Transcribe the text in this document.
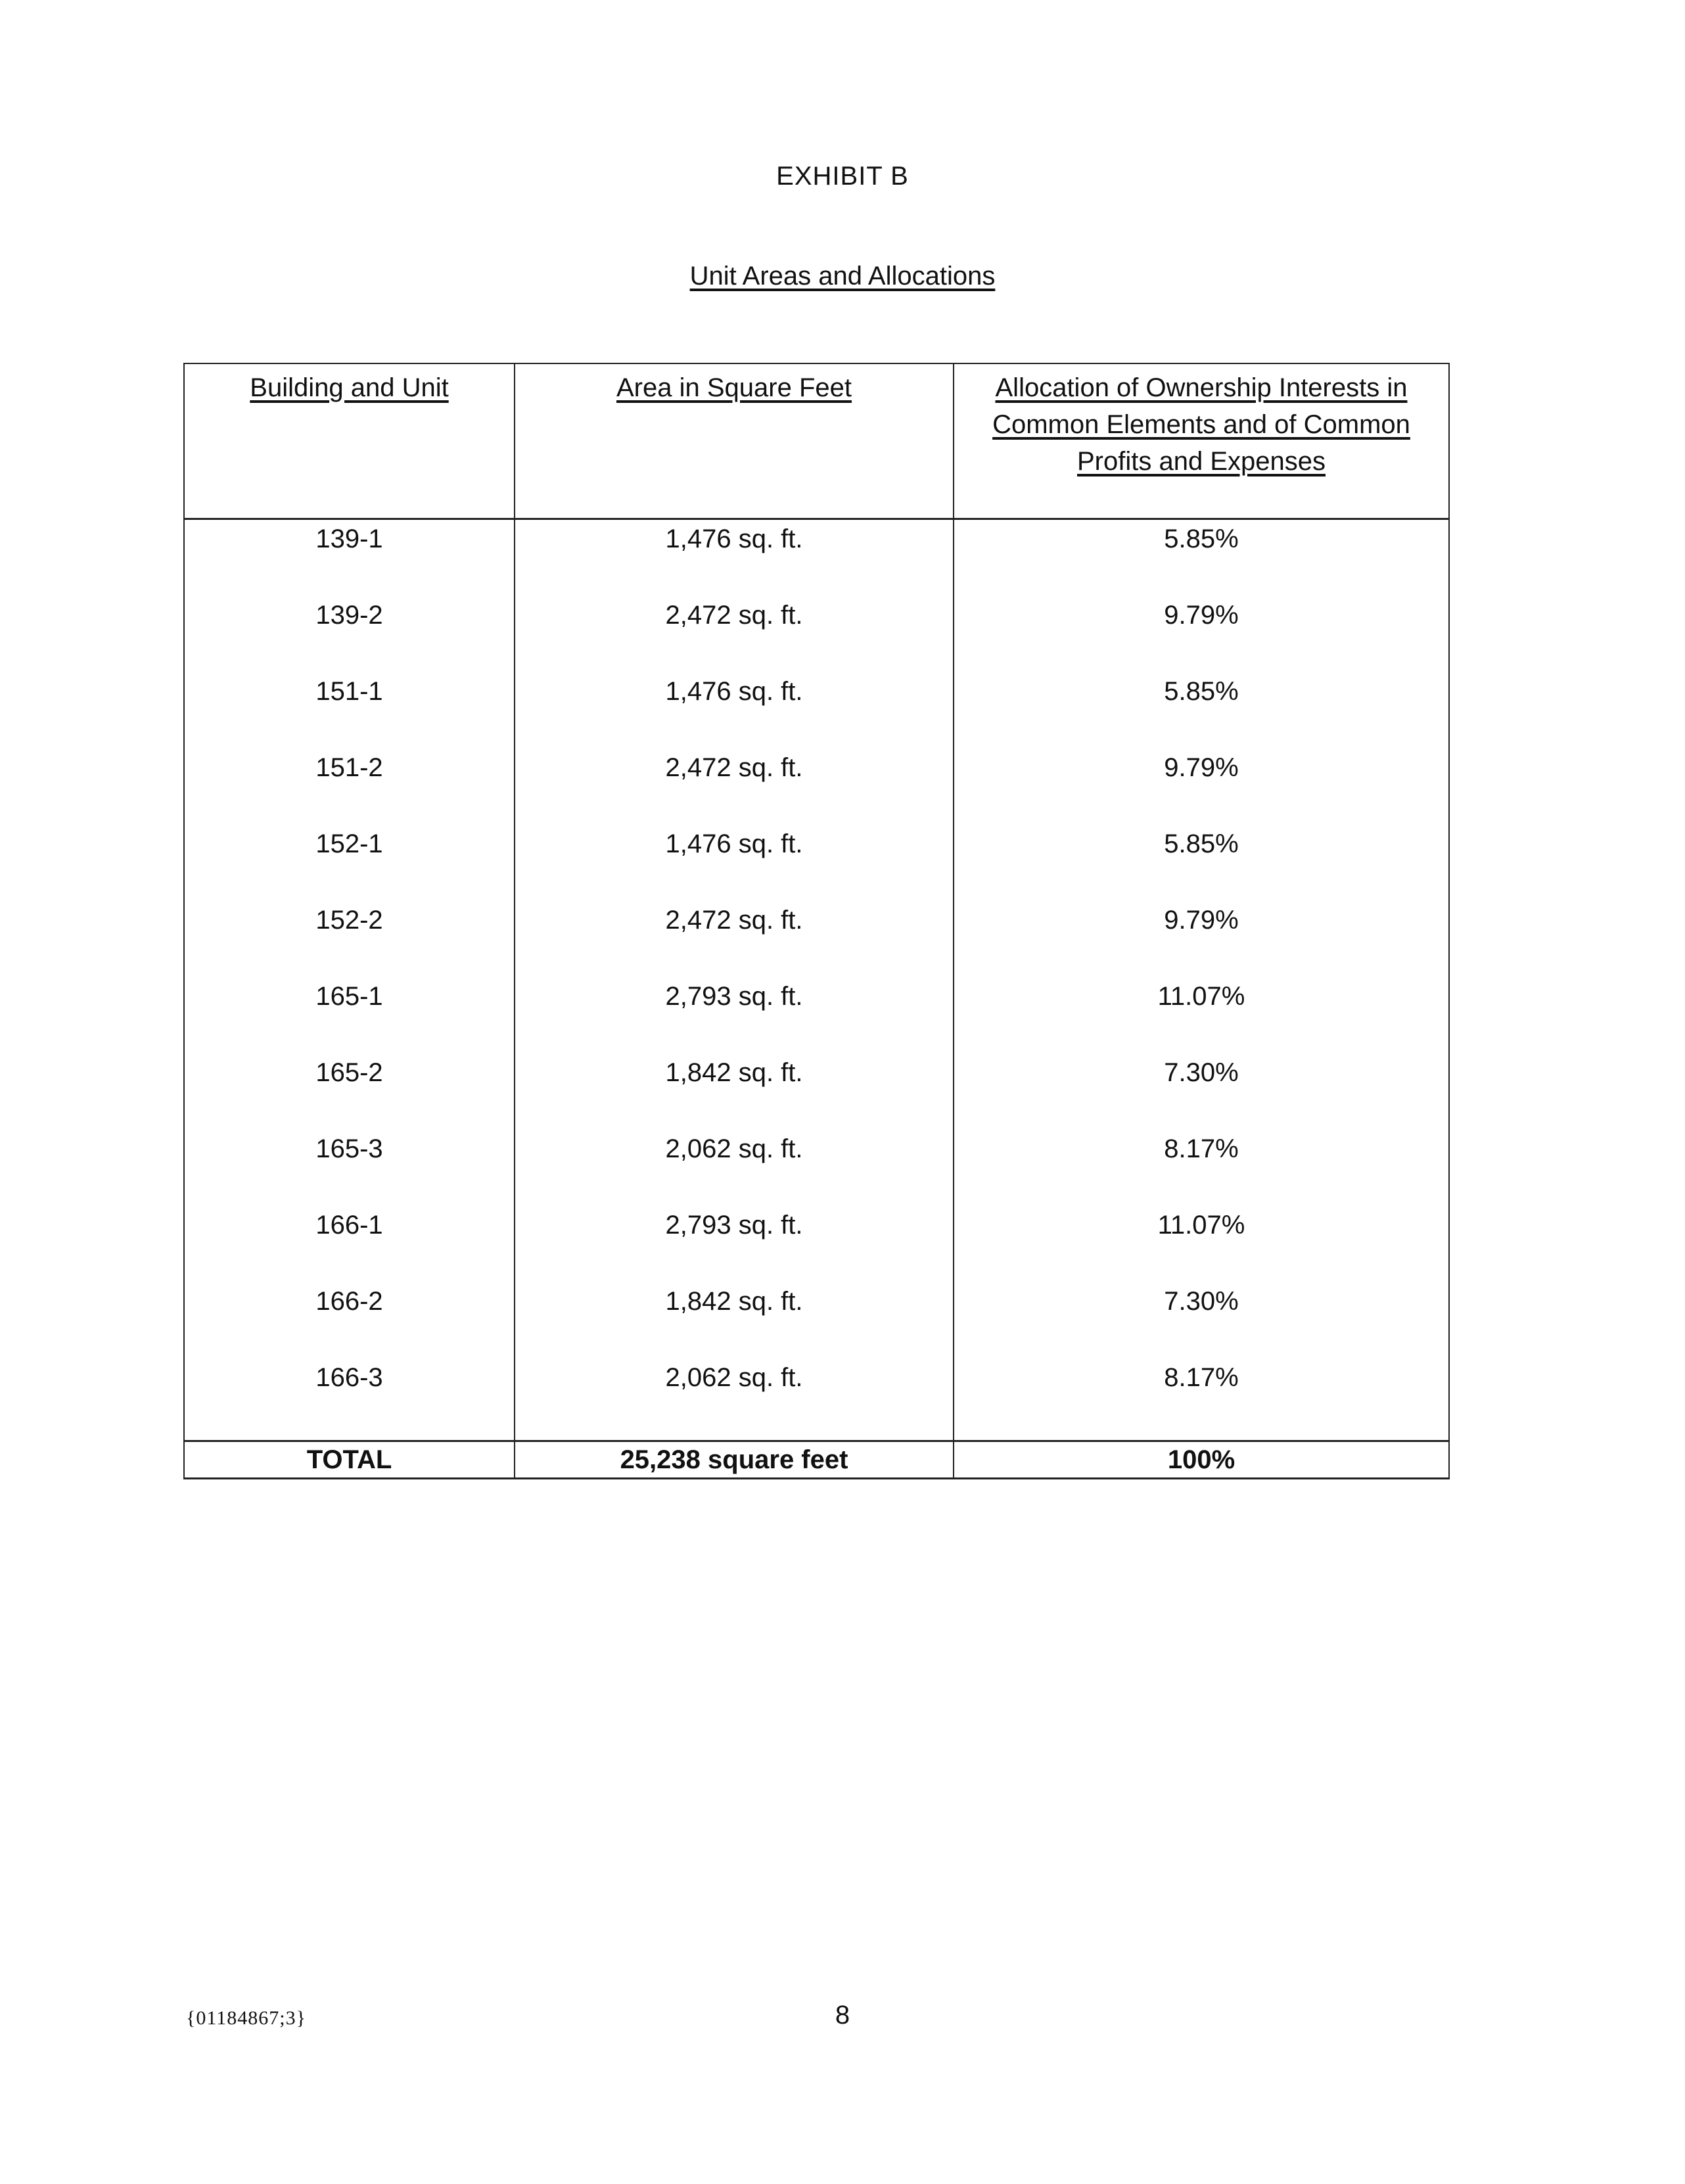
EXHIBIT B
Unit Areas and Allocations
Building and Unit	Area in Square Feet	Allocation of Ownership Interests in Common Elements and of Common Profits and Expenses
139-1	1,476 sq. ft.	5.85%
139-2	2,472 sq. ft.	9.79%
151-1	1,476 sq. ft.	5.85%
151-2	2,472 sq. ft.	9.79%
152-1	1,476 sq. ft.	5.85%
152-2	2,472 sq. ft.	9.79%
165-1	2,793 sq. ft.	11.07%
165-2	1,842 sq. ft.	7.30%
165-3	2,062 sq. ft.	8.17%
166-1	2,793 sq. ft.	11.07%
166-2	1,842 sq. ft.	7.30%
166-3	2,062 sq. ft.	8.17%
TOTAL	25,238 square feet	100%
{01184867;3}	8
